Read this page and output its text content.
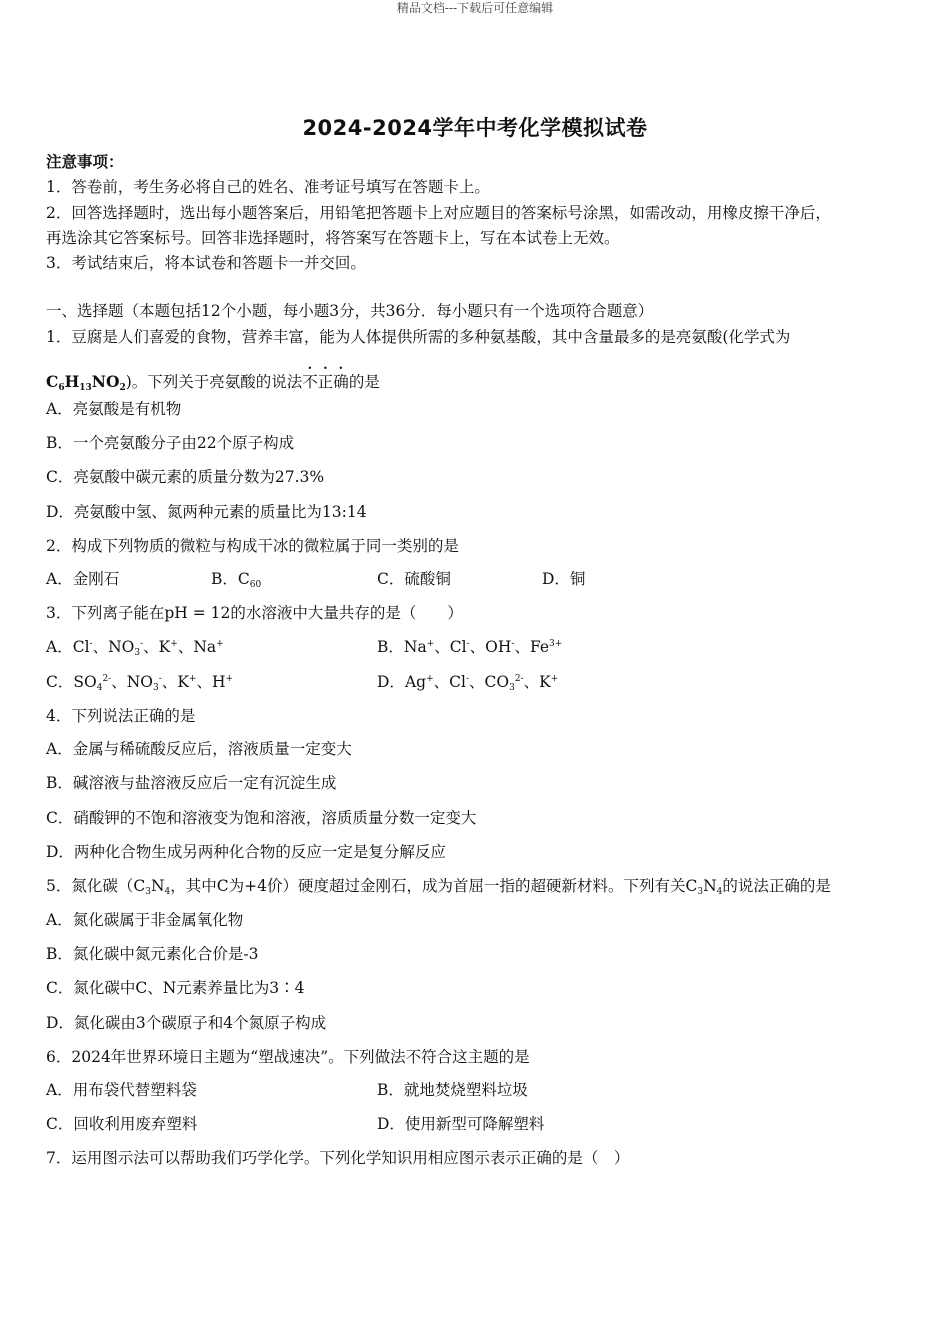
精品文档---下载后可任意编辑
2024-2024学年中考化学模拟试卷
注意事项：
1．答卷前，考生务必将自己的姓名、准考证号填写在答题卡上。
2．回答选择题时，选出每小题答案后，用铅笔把答题卡上对应题目的答案标号涂黑，如需改动，用橡皮擦干净后，
再选涂其它答案标号。回答非选择题时，将答案写在答题卡上，写在本试卷上无效。
3．考试结束后，将本试卷和答题卡一并交回。
一、选择题（本题包括12个小题，每小题3分，共36分．每小题只有一个选项符合题意）
1．豆腐是人们喜爱的食物，营养丰富，能为人体提供所需的多种氨基酸，其中含量最多的是亮氨酸(化学式为
$C_6H_{13}NO_2$)。下列关于亮氨酸的说法不正确的是
A．亮氨酸是有机物
B．一个亮氨酸分子由22个原子构成
C．亮氨酸中碳元素的质量分数为27.3%
D．亮氨酸中氢、氮两种元素的质量比为13:14
2．构成下列物质的微粒与构成干冰的微粒属于同一类别的是
A．金刚石	B．$C_{60}$	C．硫酸铜	D．铜
3．下列离子能在pH = 12的水溶液中大量共存的是（　　）
A．Cl-、$NO_3^-$、K+、Na+	B．Na+、Cl-、OH-、$Fe^{3+}$
C．$SO_4^{2-}$、$NO_3^-$、K+、H+	D．Ag+、Cl-、$CO_3^{2-}$、K+
4．下列说法正确的是
A．金属与稀硫酸反应后，溶液质量一定变大
B．碱溶液与盐溶液反应后一定有沉淀生成
C．硝酸钾的不饱和溶液变为饱和溶液，溶质质量分数一定变大
D．两种化合物生成另两种化合物的反应一定是复分解反应
5．氮化碳（$C_3N_4$，其中C为+4价）硬度超过金刚石，成为首屈一指的超硬新材料。下列有关$C_3N_4$的说法正确的是
A．氮化碳属于非金属氧化物
B．氮化碳中氮元素化合价是-3
C．氮化碳中C、N元素养量比为3∶4
D．氮化碳由3个碳原子和4个氮原子构成
6．2024年世界环境日主题为“塑战速决”。下列做法不符合这主题的是
A．用布袋代替塑料袋	B．就地焚烧塑料垃圾
C．回收利用废弃塑料	D．使用新型可降解塑料
7．运用图示法可以帮助我们巧学化学。下列化学知识用相应图示表示正确的是（　）
